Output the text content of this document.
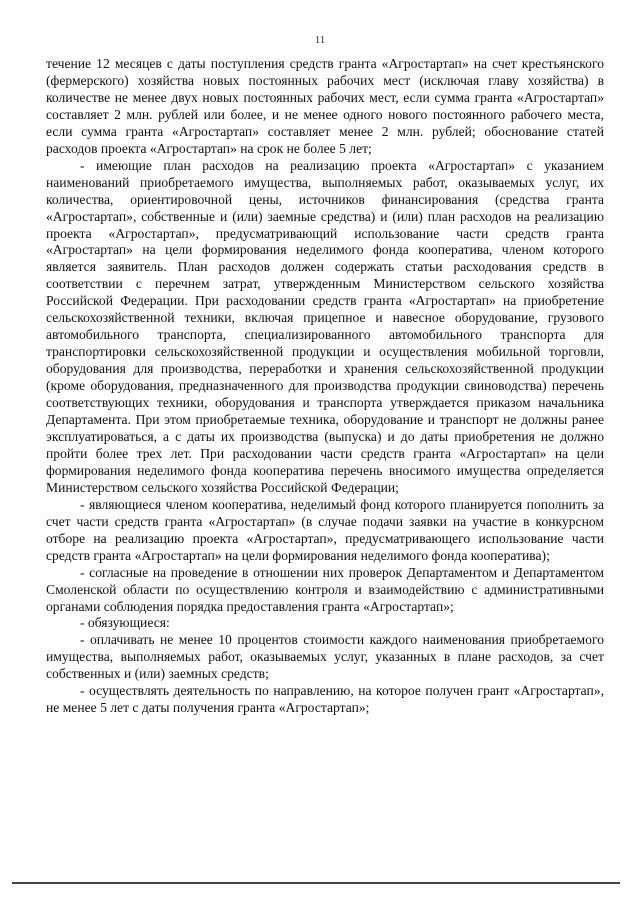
11

течение 12 месяцев с даты поступления средств гранта «Агростартап» на счет крестьянского (фермерского) хозяйства новых постоянных рабочих мест (исключая главу хозяйства) в количестве не менее двух новых постоянных рабочих мест, если сумма гранта «Агростартап» составляет 2 млн. рублей или более, и не менее одного нового постоянного рабочего места, если сумма гранта «Агростартап» составляет менее 2 млн. рублей; обоснование статей расходов проекта «Агростартап» на срок не более 5 лет;

- имеющие план расходов на реализацию проекта «Агростартап» с указанием наименований приобретаемого имущества, выполняемых работ, оказываемых услуг, их количества, ориентировочной цены, источников финансирования (средства гранта «Агростартап», собственные и (или) заемные средства) и (или) план расходов на реализацию проекта «Агростартап», предусматривающий использование части средств гранта «Агростартап» на цели формирования неделимого фонда кооператива, членом которого является заявитель. План расходов должен содержать статьи расходования средств в соответствии с перечнем затрат, утвержденным Министерством сельского хозяйства Российской Федерации. При расходовании средств гранта «Агростартап» на приобретение сельскохозяйственной техники, включая прицепное и навесное оборудование, грузового автомобильного транспорта, специализированного автомобильного транспорта для транспортировки сельскохозяйственной продукции и осуществления мобильной торговли, оборудования для производства, переработки и хранения сельскохозяйственной продукции (кроме оборудования, предназначенного для производства продукции свиноводства) перечень соответствующих техники, оборудования и транспорта утверждается приказом начальника Департамента. При этом приобретаемые техника, оборудование и транспорт не должны ранее эксплуатироваться, а с даты их производства (выпуска) и до даты приобретения не должно пройти более трех лет. При расходовании части средств гранта «Агростартап» на цели формирования неделимого фонда кооператива перечень вносимого имущества определяется Министерством сельского хозяйства Российской Федерации;

- являющиеся членом кооператива, неделимый фонд которого планируется пополнить за счет части средств гранта «Агростартап» (в случае подачи заявки на участие в конкурсном отборе на реализацию проекта «Агростартап», предусматривающего использование части средств гранта «Агростартап» на цели формирования неделимого фонда кооператива);

- согласные на проведение в отношении них проверок Департаментом и Департаментом Смоленской области по осуществлению контроля и взаимодействию с административными органами соблюдения порядка предоставления гранта «Агростартап»;

- обязующиеся:

- оплачивать не менее 10 процентов стоимости каждого наименования приобретаемого имущества, выполняемых работ, оказываемых услуг, указанных в плане расходов, за счет собственных и (или) заемных средств;

- осуществлять деятельность по направлению, на которое получен грант «Агростартап», не менее 5 лет с даты получения гранта «Агростартап»;
